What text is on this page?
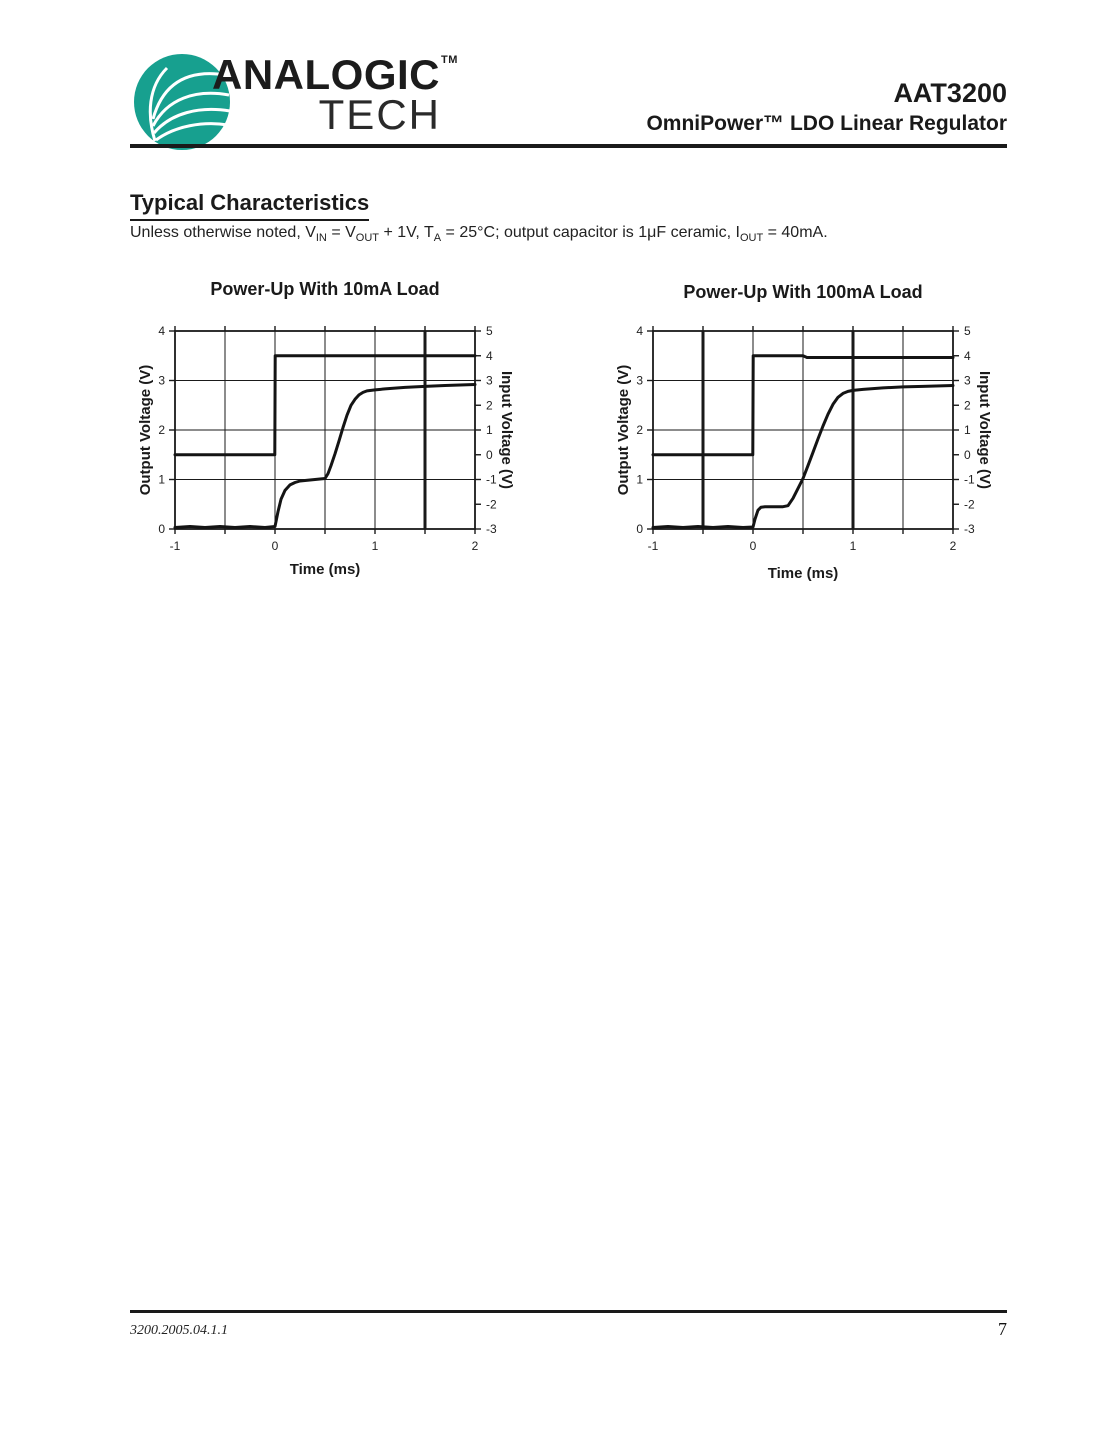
ANALOGIC TM
TECH	AAT3200
OmniPower™ LDO Linear Regulator
Typical Characteristics
Unless otherwise noted, $V_{IN} = V_{OUT} + 1V$, $T_A = 25^\circ C$; output capacitor is 1μF ceramic, $I_{OUT} = 40mA$.
Power-Up With 10mA Load
Output Voltage (V)	Input Voltage (V)
-1	0	1	2
0
1
2
3
4
-3
-2
-1
0
1
2
3
4
5
Time (ms)
Power-Up With 100mA Load
Output Voltage (V)	Input Voltage (V)
-1	0	1	2
0
1
2
3
4
-3
-2
-1
0
1
2
3
4
5
Time (ms)
3200.2005.04.1.1	7
